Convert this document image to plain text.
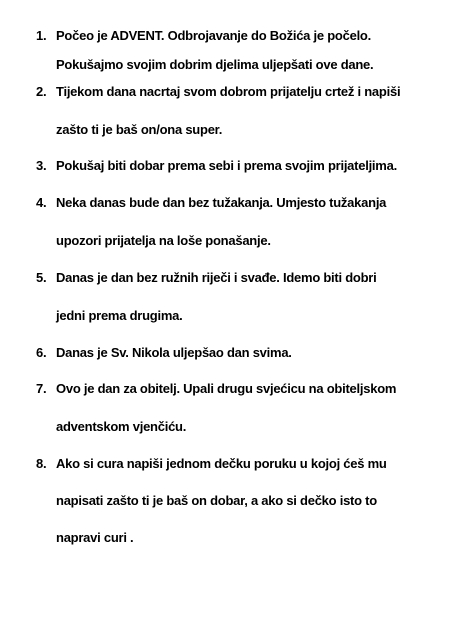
1. Počeo je ADVENT. Odbrojavanje do Božića je počelo.
Pokušajmo svojim dobrim djelima uljepšati ove dane.
2. Tijekom dana nacrtaj svom dobrom prijatelju crtež i napiši
zašto ti je baš on/ona super.
3. Pokušaj biti dobar prema sebi i prema svojim prijateljima.
4. Neka danas bude dan bez tužakanja. Umjesto tužakanja
upozori prijatelja na loše ponašanje.
5. Danas je dan bez ružnih riječi i svađe. Idemo biti dobri
jedni prema drugima.
6. Danas je Sv. Nikola uljepšao dan svima.
7. Ovo je dan za obitelj. Upali drugu svjećicu na obiteljskom
adventskom vjenčiću.
8. Ako si cura napiši jednom dečku poruku u kojoj ćeš mu
napisati zašto ti je baš on dobar, a ako si dečko isto to
napravi curi .
